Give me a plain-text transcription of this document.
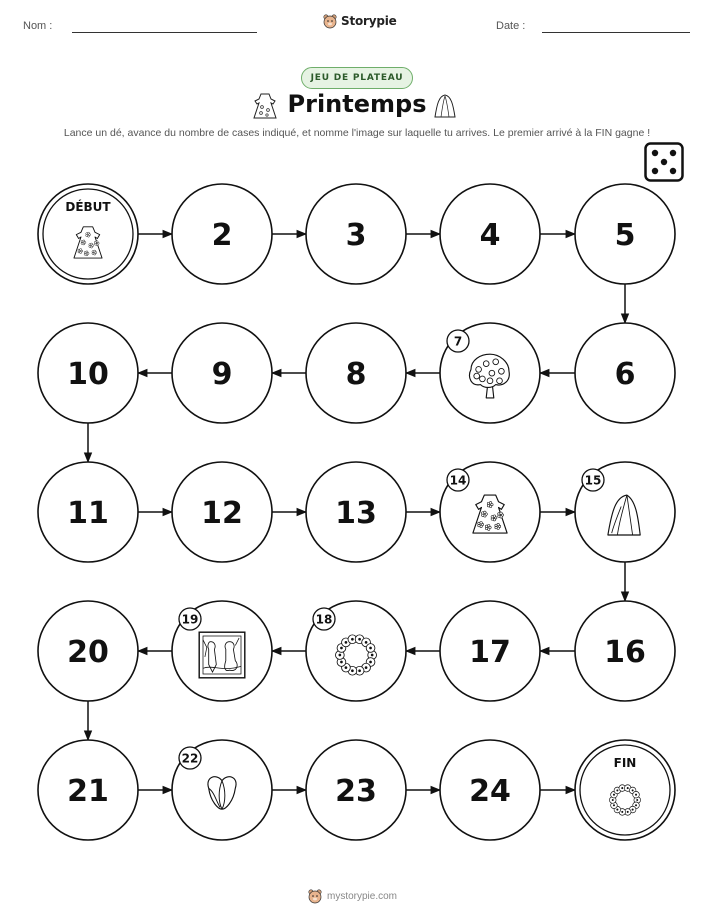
Nom :	Date :
Storypie
JEU DE PLATEAU
Printemps
Lance un dé, avance du nombre de cases indiqué, et nomme l'image sur laquelle tu arrives. Le premier arrivé à la FIN gagne !
DÉBUT
2	3	4	5
6
7
8
9
10
11	12	13
14	15
16
17
18
19
20
21
22
23	24
FIN
mystorypie.com
